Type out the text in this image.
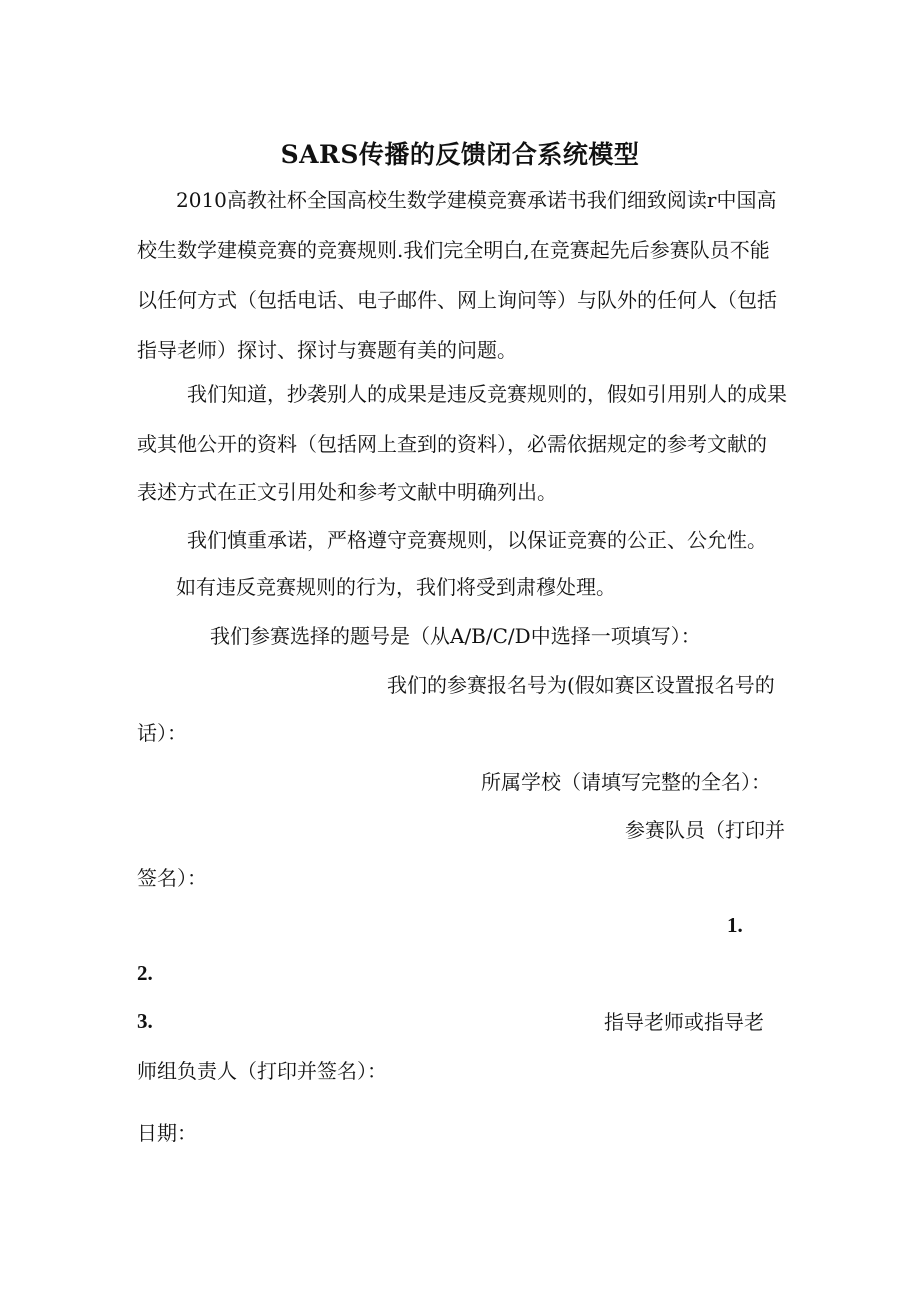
SARS传播的反馈闭合系统模型

2010高教社杯全国高校生数学建模竞赛承诺书我们细致阅读r中国高

校生数学建模竞赛的竞赛规则.我们完全明白,在竞赛起先后参赛队员不能

以任何方式（包括电话、电子邮件、网上询问等）与队外的任何人（包括

指导老师）探讨、探讨与赛题有美的问题。

我们知道，抄袭别人的成果是违反竞赛规则的，假如引用别人的成果

或其他公开的资料（包括网上查到的资料），必需依据规定的参考文献的

表述方式在正文引用处和参考文献中明确列出。

我们慎重承诺，严格遵守竞赛规则，以保证竞赛的公正、公允性。

如有违反竞赛规则的行为，我们将受到肃穆处理。

我们参赛选择的题号是（从A/B/C/D中选择一项填写）：

我们的参赛报名号为(假如赛区设置报名号的

话）：

所属学校（请填写完整的全名）：

参赛队员（打印并

签名）：

1.

2.

3.	指导老师或指导老

师组负责人（打印并签名）：

日期：
